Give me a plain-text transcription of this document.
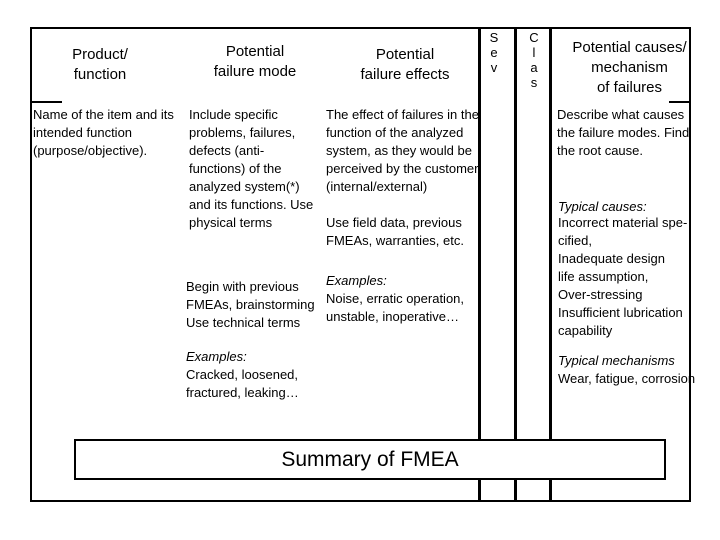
Product/
function
Potential
failure mode
Potential
failure effects
S
e
v
C
l
a
s
Potential causes/
mechanism
of failures
Name of the item and its
intended function
(purpose/objective).
Include specific
problems, failures,
defects (anti-
functions) of the
analyzed system(*)
and its functions. Use
physical terms
Begin with previous
FMEAs, brainstorming
Use technical terms
Examples:
Cracked, loosened,
fractured, leaking…
The effect of failures in the
function of the analyzed
system, as they would be
perceived by the customer
(internal/external)
Use field data, previous
FMEAs, warranties, etc.
Examples:
Noise, erratic operation,
unstable, inoperative…
Describe what causes
the failure modes. Find
the root cause.
Typical causes:
Incorrect material spe-
cified,
Inadequate design
life assumption,
Over-stressing
Insufficient lubrication
capability
Typical mechanisms
Wear, fatigue, corrosion
Summary of FMEA
